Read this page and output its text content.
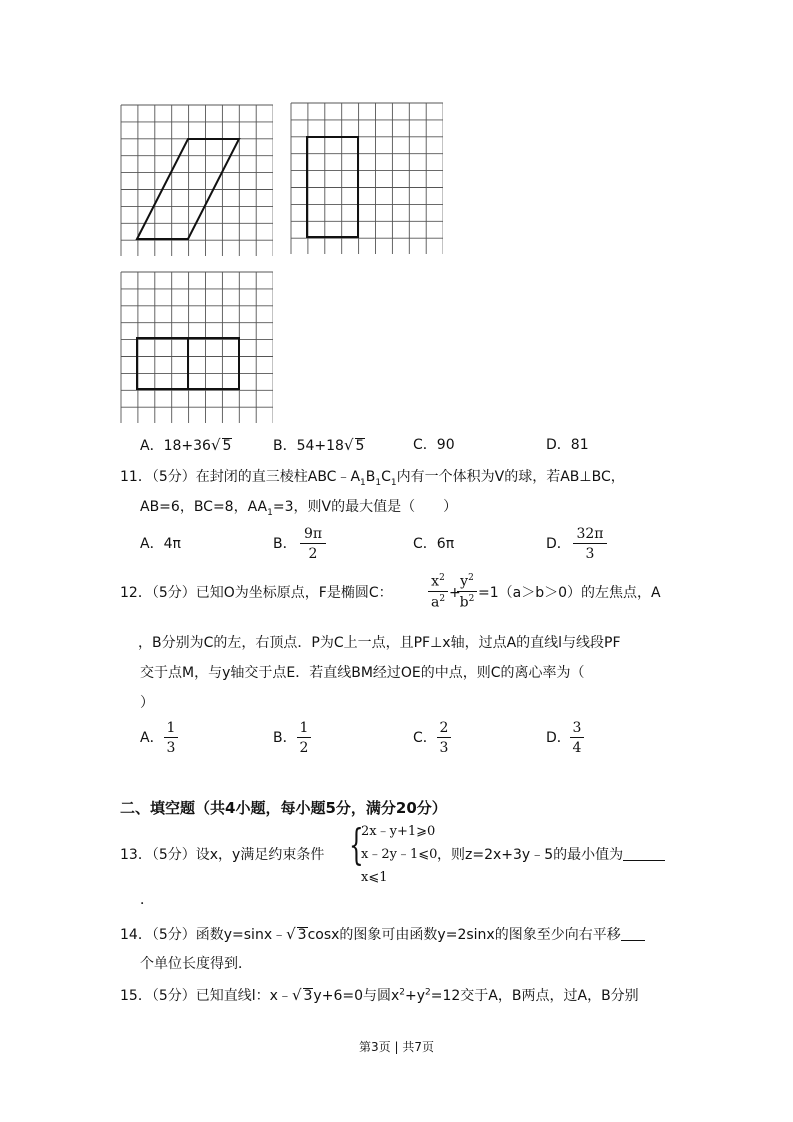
A．18+36√ 5	B．54+18√ 5	C．90	D．81
11．（5分）在封闭的直三棱柱$ABC﹣A_1B_1C_1$内有一个体积为V的球，若AB⊥BC，
AB=6，BC=8，$AA_1=3$，则V的最大值是（　　）
A．4π	B．
9π
2
C．6π	D．
32π
3
12．（5分）已知O为坐标原点，F是椭圆C：
$x^2$
$a^2$ +
$y^2$
$b^2 =1(a>b>0)$的左焦点，A
，B分别为C的左，右顶点．P为C上一点，且PF⊥x轴，过点A的直线l与线段PF
交于点M，与y轴交于点E．若直线BM经过OE的中点，则C的离心率为（
）
A．
1
3
B．
1
2
C．
2
3
D．
3
4
二、填空题（共4小题，每小题5分，满分20分）
13．（5分）设x，y满足约束条件 {
2x﹣y+1⩾0
x﹣2y﹣1⩽0
x⩽1
，则z=2x+3y﹣5的最小值为
．
14．（5分）函数y=sinx﹣√ 3cosx的图象可由函数y=2sinx的图象至少向右平移
个单位长度得到．
15．（5分）已知直线l：x﹣√ 3y+6=0与圆$x^2+y^2=12$交于A，B两点，过A，B分别
第3页 | 共7页
